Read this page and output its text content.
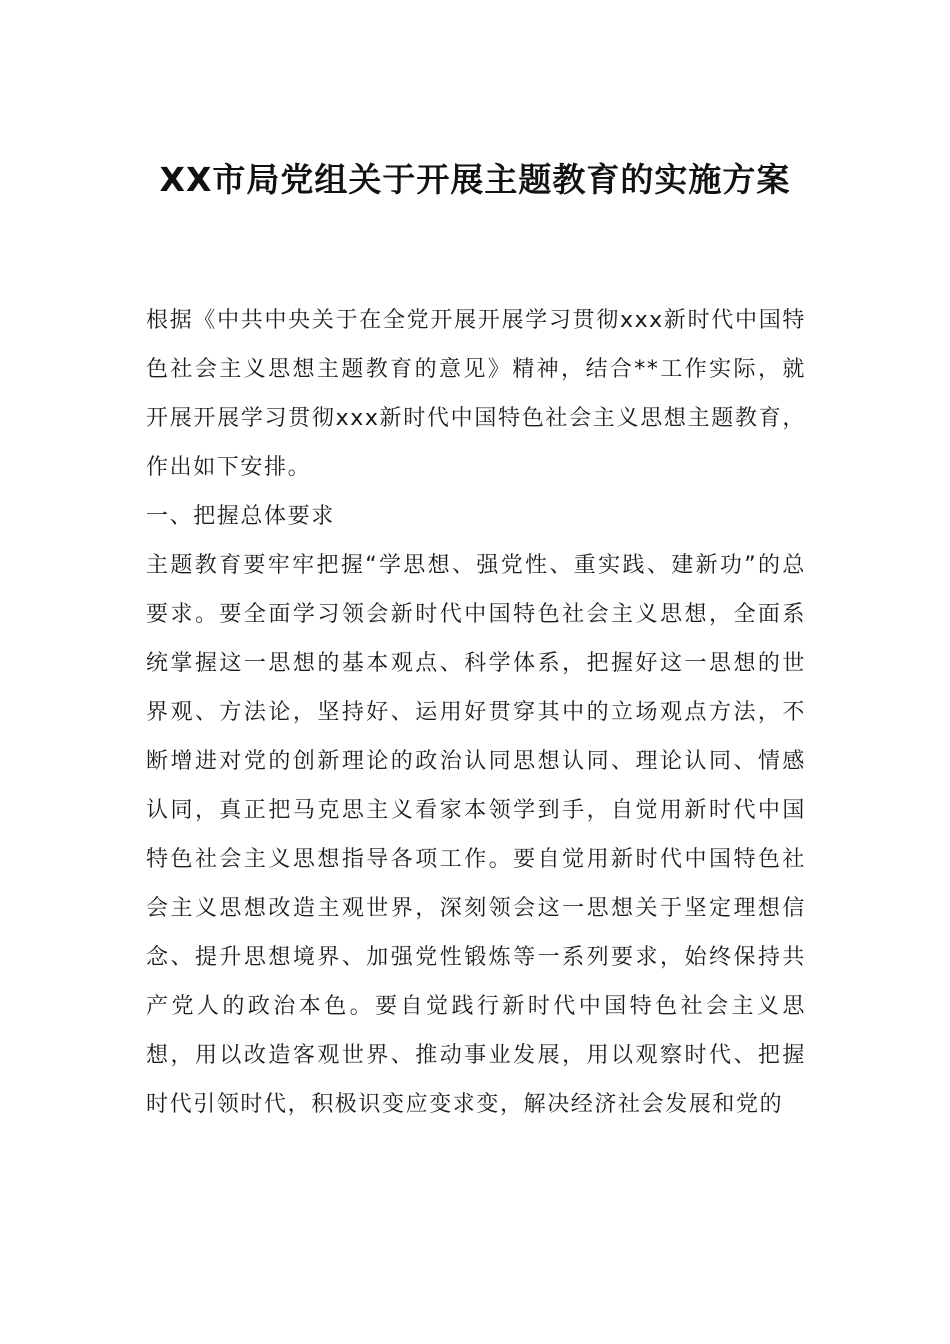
XX市局党组关于开展主题教育的实施方案

根据《中共中央关于在全党开展开展学习贯彻xxx新时代中国特色社会主义思想主题教育的意见》精神，结合**工作实际，就开展开展学习贯彻xxx新时代中国特色社会主义思想主题教育，作出如下安排。

一、把握总体要求

主题教育要牢牢把握“学思想、强党性、重实践、建新功”的总要求。要全面学习领会新时代中国特色社会主义思想，全面系统掌握这一思想的基本观点、科学体系，把握好这一思想的世界观、方法论，坚持好、运用好贯穿其中的立场观点方法，不断增进对党的创新理论的政治认同思想认同、理论认同、情感认同，真正把马克思主义看家本领学到手，自觉用新时代中国特色社会主义思想指导各项工作。要自觉用新时代中国特色社会主义思想改造主观世界，深刻领会这一思想关于坚定理想信念、提升思想境界、加强党性锻炼等一系列要求，始终保持共产党人的政治本色。要自觉践行新时代中国特色社会主义思想，用以改造客观世界、推动事业发展，用以观察时代、把握时代引领时代，积极识变应变求变，解决经济社会发展和党的
